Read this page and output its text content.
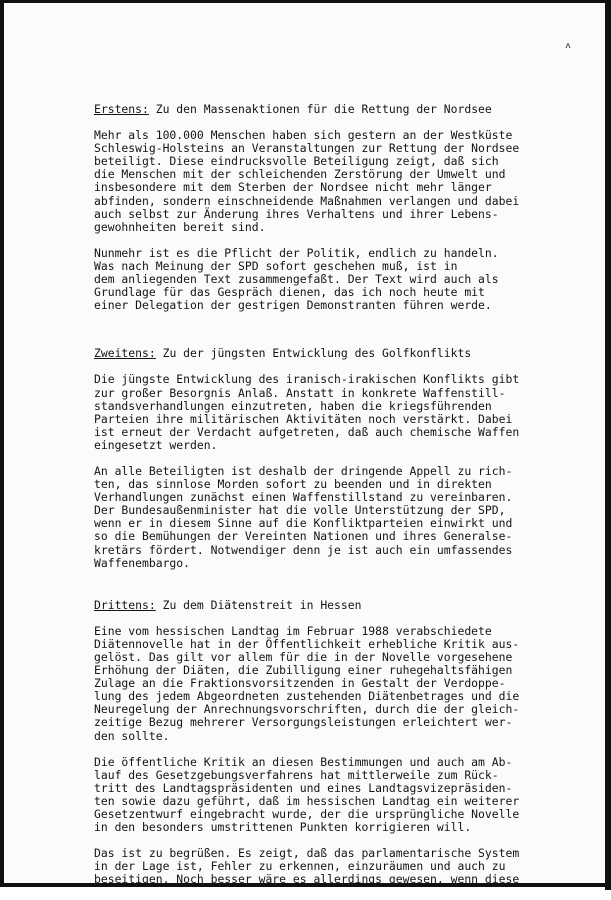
˄
Erstens: Zu den Massenaktionen für die Rettung der Nordsee

Mehr als 100.000 Menschen haben sich gestern an der Westküste
Schleswig-Holsteins an Veranstaltungen zur Rettung der Nordsee
beteiligt. Diese eindrucksvolle Beteiligung zeigt, daß sich
die Menschen mit der schleichenden Zerstörung der Umwelt und
insbesondere mit dem Sterben der Nordsee nicht mehr länger
abfinden, sondern einschneidende Maßnahmen verlangen und dabei
auch selbst zur Änderung ihres Verhaltens und ihrer Lebens-
gewohnheiten bereit sind.

Nunmehr ist es die Pflicht der Politik, endlich zu handeln.
Was nach Meinung der SPD sofort geschehen muß, ist in
dem anliegenden Text zusammengefaßt. Der Text wird auch als
Grundlage für das Gespräch dienen, das ich noch heute mit
einer Delegation der gestrigen Demonstranten führen werde.

Zweitens: Zu der jüngsten Entwicklung des Golfkonflikts

Die jüngste Entwicklung des iranisch-irakischen Konflikts gibt
zur großer Besorgnis Anlaß. Anstatt in konkrete Waffenstill-
standsverhandlungen einzutreten, haben die kriegsführenden
Parteien ihre militärischen Aktivitäten noch verstärkt. Dabei
ist erneut der Verdacht aufgetreten, daß auch chemische Waffen
eingesetzt werden.

An alle Beteiligten ist deshalb der dringende Appell zu rich-
ten, das sinnlose Morden sofort zu beenden und in direkten
Verhandlungen zunächst einen Waffenstillstand zu vereinbaren.
Der Bundesaußenminister hat die volle Unterstützung der SPD,
wenn er in diesem Sinne auf die Konfliktparteien einwirkt und
so die Bemühungen der Vereinten Nationen und ihres Generalse-
kretärs fördert. Notwendiger denn je ist auch ein umfassendes
Waffenembargo.

Drittens: Zu dem Diätenstreit in Hessen

Eine vom hessischen Landtag im Februar 1988 verabschiedete
Diätennovelle hat in der Öffentlichkeit erhebliche Kritik aus-
gelöst. Das gilt vor allem für die in der Novelle vorgesehene
Erhöhung der Diäten, die Zubilligung einer ruhegehaltsfähigen
Zulage an die Fraktionsvorsitzenden in Gestalt der Verdoppe-
lung des jedem Abgeordneten zustehenden Diätenbetrages und die
Neuregelung der Anrechnungsvorschriften, durch die der gleich-
zeitige Bezug mehrerer Versorgungsleistungen erleichtert wer-
den sollte.

Die öffentliche Kritik an diesen Bestimmungen und auch am Ab-
lauf des Gesetzgebungsverfahrens hat mittlerweile zum Rück-
tritt des Landtagspräsidenten und eines Landtagsvizepräsiden-
ten sowie dazu geführt, daß im hessischen Landtag ein weiterer
Gesetzentwurf eingebracht wurde, der die ursprüngliche Novelle
in den besonders umstrittenen Punkten korrigieren will.

Das ist zu begrüßen. Es zeigt, daß das parlamentarische System
in der Lage ist, Fehler zu erkennen, einzuräumen und auch zu
beseitigen. Noch besser wäre es allerdings gewesen, wenn diese
